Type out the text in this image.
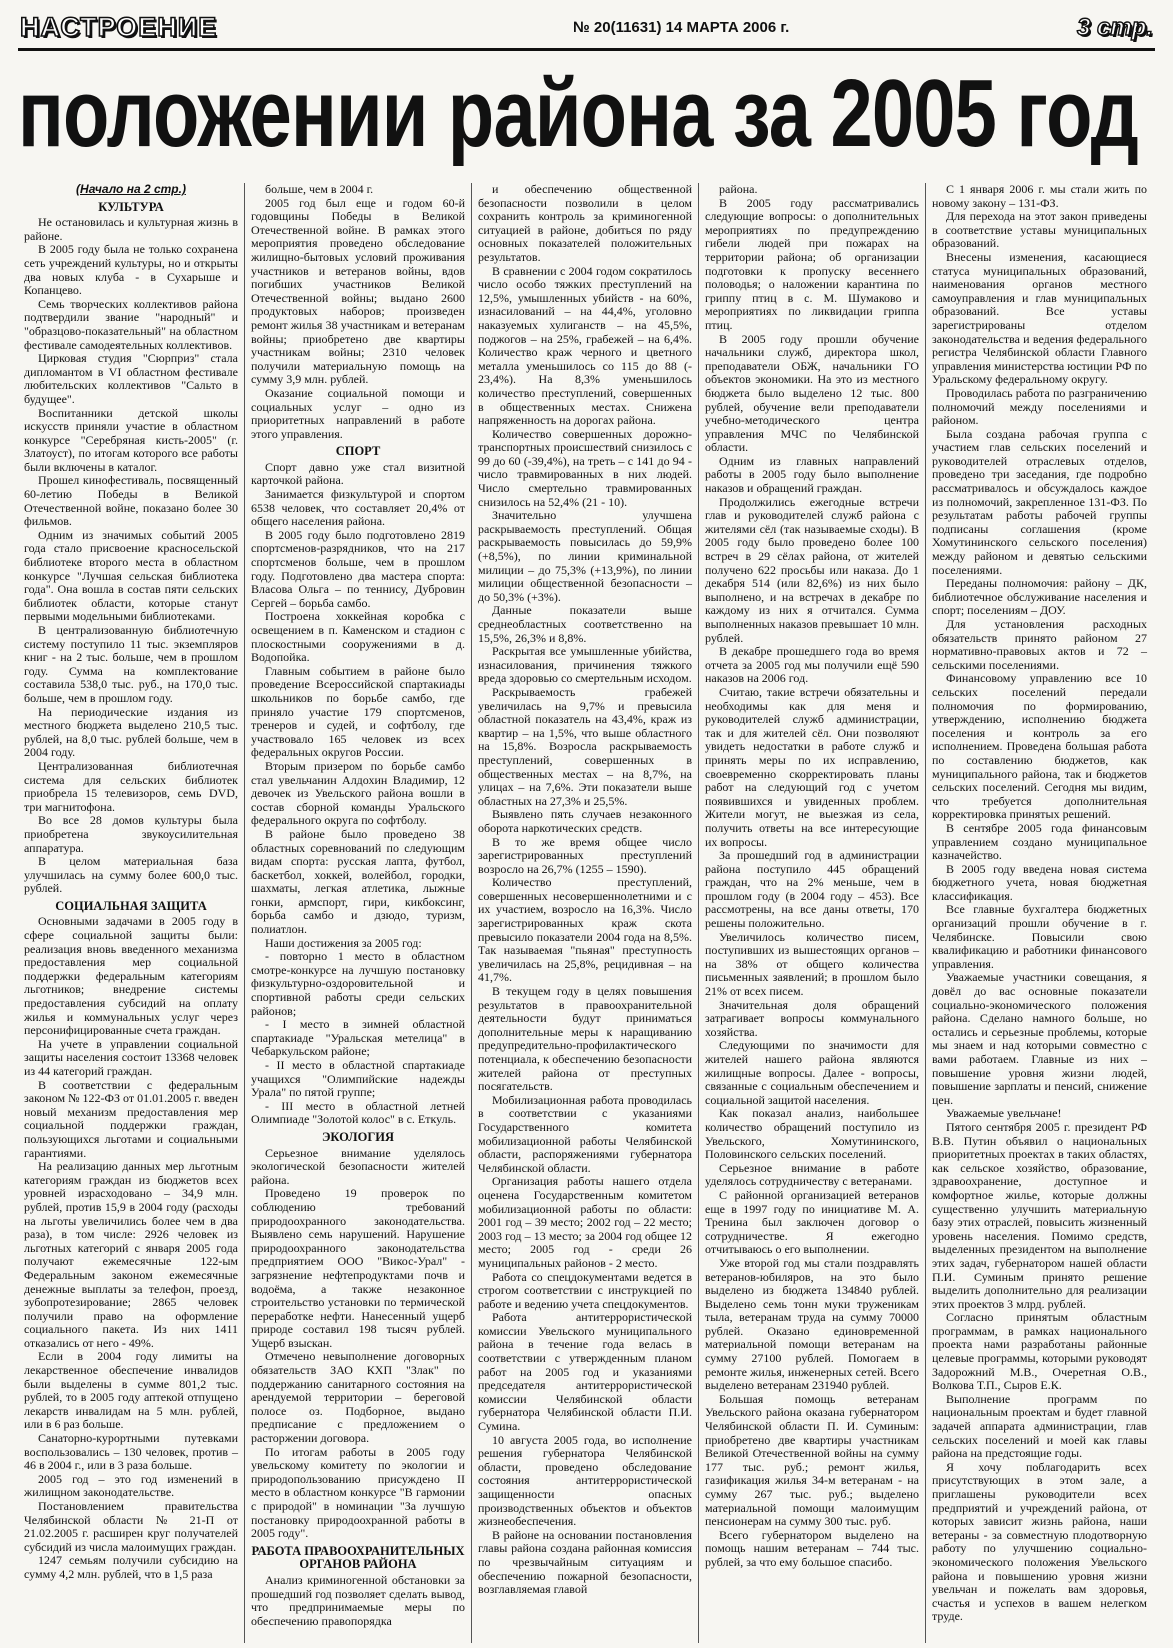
НАСТРОЕНИЕ	№ 20(11631) 14 МАРТА 2006 г.	3 стр.
положении района за 2005 год
(Начало на 2 стр.)
КУЛЬТУРА

Не остановилась и культурная жизнь в районе.

В 2005 году была не только сохранена сеть учреждений культуры, но и открыты два новых клуба - в Сухарыше и Копанцево.

Семь творческих коллективов района подтвердили звание "народный" и "образцово-показательный" на областном фестивале самодеятельных коллективов.

Цирковая студия "Сюрприз" стала дипломантом в VI областном фестивале любительских коллективов "Сальто в будущее".

Воспитанники детской школы искусств приняли участие в областном конкурсе "Серебряная кисть-2005" (г. Златоуст), по итогам которого все работы были включены в каталог.

Прошел кинофестиваль, посвященный 60-летию Победы в Великой Отечественной войне, показано более 30 фильмов.

Одним из значимых событий 2005 года стало присвоение красносельской библиотеке второго места в областном конкурсе "Лучшая сельская библиотека года". Она вошла в состав пяти сельских библиотек области, которые станут первыми модельными библиотеками.

В централизованную библиотечную систему поступило 11 тыс. экземпляров книг - на 2 тыс. больше, чем в прошлом году. Сумма на комплектование составила 538,0 тыс. руб., на 170,0 тыс. больше, чем в прошлом году.

На периодические издания из местного бюджета выделено 210,5 тыс. рублей, на 8,0 тыс. рублей больше, чем в 2004 году.

Централизованная библиотечная система для сельских библиотек приобрела 15 телевизоров, семь DVD, три магнитофона.

Во все 28 домов культуры была приобретена звукоусилительная аппаратура.

В целом материальная база улучшилась на сумму более 600,0 тыс. рублей.

СОЦИАЛЬНАЯ ЗАЩИТА

Основными задачами в 2005 году в сфере социальной защиты были: реализация вновь введенного механизма предоставления мер социальной поддержки федеральным категориям льготников; внедрение системы предоставления субсидий на оплату жилья и коммунальных услуг через персонифицированные счета граждан.

На учете в управлении социальной защиты населения состоит 13368 человек из 44 категорий граждан.

В соответствии с федеральным законом № 122-ФЗ от 01.01.2005 г. введен новый механизм предоставления мер социальной поддержки граждан, пользующихся льготами и социальными гарантиями.

На реализацию данных мер льготным категориям граждан из бюджетов всех уровней израсходовано – 34,9 млн. рублей, против 15,9 в 2004 году (расходы на льготы увеличились более чем в два раза), в том числе: 2926 человек из льготных категорий с января 2005 года получают ежемесячные 122-ым Федеральным законом ежемесячные денежные выплаты за телефон, проезд, зубопротезирование; 2865 человек получили право на оформление социального пакета. Из них 1411 отказались от него - 49%.

Если в 2004 году лимиты на лекарственное обеспечение инвалидов были выделены в сумме 801,2 тыс. рублей, то в 2005 году аптекой отпущено лекарств инвалидам на 5 млн. рублей, или в 6 раз больше.

Санаторно-курортными путевками воспользовались – 130 человек, против – 46 в 2004 г., или в 3 раза больше.

2005 год – это год изменений в жилищном законодательстве.

Постановлением правительства Челябинской области № 21-П от 21.02.2005 г. расширен круг получателей субсидий из числа малоимущих граждан.

1247 семьям получили субсидию на сумму 4,2 млн. рублей, что в 1,5 раза

больше, чем в 2004 г.

2005 год был еще и годом 60-й годовщины Победы в Великой Отечественной войне. В рамках этого мероприятия проведено обследование жилищно-бытовых условий проживания участников и ветеранов войны, вдов погибших участников Великой Отечественной войны; выдано 2600 продуктовых наборов; произведен ремонт жилья 38 участникам и ветеранам войны; приобретено две квартиры участникам войны; 2310 человек получили материальную помощь на сумму 3,9 млн. рублей.

Оказание социальной помощи и социальных услуг – одно из приоритетных направлений в работе этого управления.

СПОРТ

Спорт давно уже стал визитной карточкой района.

Занимается физкультурой и спортом 6538 человек, что составляет 20,4% от общего населения района.

В 2005 году было подготовлено 2819 спортсменов-разрядников, что на 217 спортсменов больше, чем в прошлом году. Подготовлено два мастера спорта: Власова Ольга – по теннису, Дубровин Сергей – борьба самбо.

Построена хоккейная коробка с освещением в п. Каменском и стадион с плоскостными сооружениями в д. Водопойка.

Главным событием в районе было проведение Всероссийской спартакиады школьников по борьбе самбо, где приняло участие 179 спортсменов, тренеров и судей, и софтболу, где участвовало 165 человек из всех федеральных округов России.

Вторым призером по борьбе самбо стал увельчанин Алдохин Владимир, 12 девочек из Увельского района вошли в состав сборной команды Уральского федерального округа по софтболу.

В районе было проведено 38 областных соревнований по следующим видам спорта: русская лапта, футбол, баскетбол, хоккей, волейбол, городки, шахматы, легкая атлетика, лыжные гонки, армспорт, гири, кикбоксинг, борьба самбо и дзюдо, туризм, полиатлон.

Наши достижения за 2005 год:

- повторно 1 место в областном смотре-конкурсе на лучшую постановку физкультурно-оздоровительной и спортивной работы среди сельских районов;

- I место в зимней областной спартакиаде "Уральская метелица" в Чебаркульском районе;

- II место в областной спартакиаде учащихся "Олимпийские надежды Урала" по пятой группе;

- III место в областной летней Олимпиаде "Золотой колос" в с. Еткуль.

ЭКОЛОГИЯ

Серьезное внимание уделялось экологической безопасности жителей района.

Проведено 19 проверок по соблюдению требований природоохранного законодательства. Выявлено семь нарушений. Нарушение природоохранного законодательства предприятием ООО "Викос-Урал" - загрязнение нефтепродуктами почв и водоёма, а также незаконное строительство установки по термической переработке нефти. Нанесенный ущерб природе составил 198 тысяч рублей. Ущерб взыскан.

Отмечено невыполнение договорных обязательств ЗАО КХП "Злак" по поддержанию санитарного состояния на арендуемой территории – береговой полосе оз. Подборное, выдано предписание с предложением о расторжении договора.

По итогам работы в 2005 году увельскому комитету по экологии и природопользованию присуждено II место в областном конкурсе "В гармонии с природой" в номинации "За лучшую постановку природоохранной работы в 2005 году".

РАБОТА ПРАВООХРАНИТЕЛЬНЫХ ОРГАНОВ РАЙОНА

Анализ криминогенной обстановки за прошедший год позволяет сделать вывод, что предпринимаемые меры по обеспечению правопорядка

и обеспечению общественной безопасности позволили в целом сохранить контроль за криминогенной ситуацией в районе, добиться по ряду основных показателей положительных результатов.

В сравнении с 2004 годом сократилось число особо тяжких преступлений на 12,5%, умышленных убийств - на 60%, изнасилований – на 44,4%, уголовно наказуемых хулиганств – на 45,5%, поджогов – на 25%, грабежей – на 6,4%. Количество краж черного и цветного металла уменьшилось со 115 до 88 (- 23,4%). На 8,3% уменьшилось количество преступлений, совершенных в общественных местах. Снижена напряженность на дорогах района.

Количество совершенных дорожно-транспортных происшествий снизилось с 99 до 60 (-39,4%), на треть – с 141 до 94 - число травмированных в них людей. Число смертельно травмированных снизилось на 52,4% (21 - 10).

Значительно улучшена раскрываемость преступлений. Общая раскрываемость повысилась до 59,9% (+8,5%), по линии криминальной милиции – до 75,3% (+13,9%), по линии милиции общественной безопасности – до 50,3% (+3%).

Данные показатели выше среднеобластных соответственно на 15,5%, 26,3% и 8,8%.

Раскрытая все умышленные убийства, изнасилования, причинения тяжкого вреда здоровью со смертельным исходом.

Раскрываемость грабежей увеличилась на 9,7% и превысила областной показатель на 43,4%, краж из квартир – на 1,5%, что выше областного на 15,8%. Возросла раскрываемость преступлений, совершенных в общественных местах – на 8,7%, на улицах – на 7,6%. Эти показатели выше областных на 27,3% и 25,5%.

Выявлено пять случаев незаконного оборота наркотических средств.

В то же время общее число зарегистрированных преступлений возросло на 26,7% (1255 – 1590).

Количество преступлений, совершенных несовершеннолетними и с их участием, возросло на 16,3%. Число зарегистрированных краж скота превысило показатели 2004 года на 8,5%. Так называемая "пьяная" преступность увеличилась на 25,8%, рецидивная – на 41,7%.

В текущем году в целях повышения результатов в правоохранительной деятельности будут приниматься дополнительные меры к наращиванию предупредительно-профилактического потенциала, к обеспечению безопасности жителей района от преступных посягательств.

Мобилизационная работа проводилась в соответствии с указаниями Государственного комитета мобилизационной работы Челябинской области, распоряжениями губернатора Челябинской области.

Организация работы нашего отдела оценена Государственным комитетом мобилизационной работы по области: 2001 год – 39 место; 2002 год – 22 место; 2003 год – 13 место; за 2004 год общее 12 место; 2005 год - среди 26 муниципальных районов - 2 место.

Работа со спецдокументами ведется в строгом соответствии с инструкцией по работе и ведению учета спецдокументов.

Работа антитеррористической комиссии Увельского муниципального района в течение года велась в соответствии с утвержденным планом работ на 2005 год и указаниями председателя антитеррористической комиссии Челябинской области губернатора Челябинской области П.И. Сумина.

10 августа 2005 года, во исполнение решения губернатора Челябинской области, проведено обследование состояния антитеррористической защищенности опасных производственных объектов и объектов жизнеобеспечения.

В районе на основании постановления главы района создана районная комиссия по чрезвычайным ситуациям и обеспечению пожарной безопасности, возглавляемая главой

района.

В 2005 году рассматривались следующие вопросы: о дополнительных мероприятиях по предупреждению гибели людей при пожарах на территории района; об организации подготовки к пропуску весеннего половодья; о наложении карантина по гриппу птиц в с. М. Шумаково и мероприятиях по ликвидации гриппа птиц.

В 2005 году прошли обучение начальники служб, директора школ, преподаватели ОБЖ, начальники ГО объектов экономики. На это из местного бюджета было выделено 12 тыс. 800 рублей, обучение вели преподаватели учебно-методического центра управления МЧС по Челябинской области.

Одним из главных направлений работы в 2005 году было выполнение наказов и обращений граждан.

Продолжились ежегодные встречи глав и руководителей служб района с жителями сёл (так называемые сходы). В 2005 году было проведено более 100 встреч в 29 сёлах района, от жителей получено 622 просьбы или наказа. До 1 декабря 514 (или 82,6%) из них было выполнено, и на встречах в декабре по каждому из них я отчитался. Сумма выполненных наказов превышает 10 млн. рублей.

В декабре прошедшего года во время отчета за 2005 год мы получили ещё 590 наказов на 2006 год.

Считаю, такие встречи обязательны и необходимы как для меня и руководителей служб администрации, так и для жителей сёл. Они позволяют увидеть недостатки в работе служб и принять меры по их исправлению, своевременно скорректировать планы работ на следующий год с учетом появившихся и увиденных проблем. Жители могут, не выезжая из села, получить ответы на все интересующие их вопросы.

За прошедший год в администрации района поступило 445 обращений граждан, что на 2% меньше, чем в прошлом году (в 2004 году – 453). Все рассмотрены, на все даны ответы, 170 решены положительно.

Увеличилось количество писем, поступивших из вышестоящих органов – на 38% от общего количества письменных заявлений; в прошлом было 21% от всех писем.

Значительная доля обращений затрагивает вопросы коммунального хозяйства.

Следующими по значимости для жителей нашего района являются жилищные вопросы. Далее - вопросы, связанные с социальным обеспечением и социальной защитой населения.

Как показал анализ, наибольшее количество обращений поступило из Увельского, Хомутининского, Половинского сельских поселений.

Серьезное внимание в работе уделялось сотрудничеству с ветеранами.

С районной организацией ветеранов еще в 1997 году по инициативе М. А. Тренина был заключен договор о сотрудничестве. Я ежегодно отчитываюсь о его выполнении.

Уже второй год мы стали поздравлять ветеранов-юбиляров, на это было выделено из бюджета 134840 рублей. Выделено семь тонн муки труженикам тыла, ветеранам труда на сумму 70000 рублей. Оказано единовременной материальной помощи ветеранам на сумму 27100 рублей. Помогаем в ремонте жилья, инженерных сетей. Всего выделено ветеранам 231940 рублей.

Большая помощь ветеранам Увельского района оказана губернатором Челябинской области П. И. Суминым: приобретено две квартиры участникам Великой Отечественной войны на сумму 177 тыс. руб.; ремонт жилья, газификация жилья 34-м ветеранам - на сумму 267 тыс. руб.; выделено материальной помощи малоимущим пенсионерам на сумму 300 тыс. руб.

Всего губернатором выделено на помощь нашим ветеранам – 744 тыс. рублей, за что ему большое спасибо.

С 1 января 2006 г. мы стали жить по новому закону – 131-ФЗ.

Для перехода на этот закон приведены в соответствие уставы муниципальных образований.

Внесены изменения, касающиеся статуса муниципальных образований, наименования органов местного самоуправления и глав муниципальных образований. Все уставы зарегистрированы отделом законодательства и ведения федерального регистра Челябинской области Главного управления министерства юстиции РФ по Уральскому федеральному округу.

Проводилась работа по разграничению полномочий между поселениями и районом.

Была создана рабочая группа с участием глав сельских поселений и руководителей отраслевых отделов, проведено три заседания, где подробно рассматривалось и обсуждалось каждое из полномочий, закрепленное 131-ФЗ. По результатам работы рабочей группы подписаны соглашения (кроме Хомутининского сельского поселения) между районом и девятью сельскими поселениями.

Переданы полномочия: району – ДК, библиотечное обслуживание населения и спорт; поселениям – ДОУ.

Для установления расходных обязательств принято районом 27 нормативно-правовых актов и 72 – сельскими поселениями.

Финансовому управлению все 10 сельских поселений передали полномочия по формированию, утверждению, исполнению бюджета поселения и контроль за его исполнением. Проведена большая работа по составлению бюджетов, как муниципального района, так и бюджетов сельских поселений. Сегодня мы видим, что требуется дополнительная корректировка принятых решений.

В сентябре 2005 года финансовым управлением создано муниципальное казначейство.

В 2005 году введена новая система бюджетного учета, новая бюджетная классификация.

Все главные бухгалтера бюджетных организаций прошли обучение в г. Челябинске. Повысили свою квалификацию и работники финансового управления.

Уважаемые участники совещания, я довёл до вас основные показатели социально-экономического положения района. Сделано намного больше, но остались и серьезные проблемы, которые мы знаем и над которыми совместно с вами работаем. Главные из них – повышение уровня жизни людей, повышение зарплаты и пенсий, снижение цен.

Уважаемые увельчане!

Пятого сентября 2005 г. президент РФ В.В. Путин объявил о национальных приоритетных проектах в таких областях, как сельское хозяйство, образование, здравоохранение, доступное и комфортное жилье, которые должны существенно улучшить материальную базу этих отраслей, повысить жизненный уровень населения. Помимо средств, выделенных президентом на выполнение этих задач, губернатором нашей области П.И. Суминым принято решение выделить дополнительно для реализации этих проектов 3 млрд. рублей.

Согласно принятым областным программам, в рамках национального проекта нами разработаны районные целевые программы, которыми руководят Задорожний М.В., Очеретная О.В., Волкова Т.П., Сыров Е.К.

Выполнение программ по национальным проектам и будет главной задачей аппарата администрации, глав сельских поселений и моей как главы района на предстоящие годы.

Я хочу поблагодарить всех присутствующих в этом зале, а приглашены руководители всех предприятий и учреждений района, от которых зависит жизнь района, наши ветераны - за совместную плодотворную работу по улучшению социально-экономического положения Увельского района и повышению уровня жизни увельчан и пожелать вам здоровья, счастья и успехов в вашем нелегком труде.
